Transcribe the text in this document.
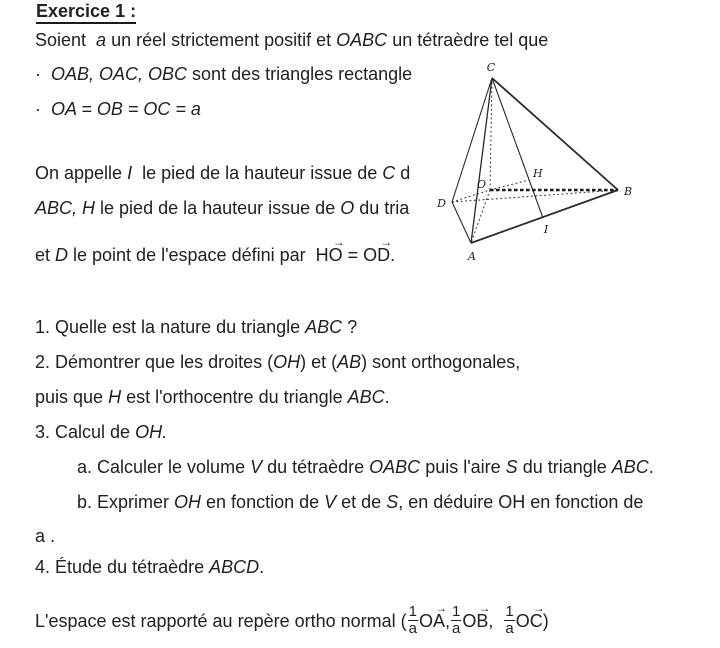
Exercice 1 :
Soient  a un réel strictement positif et OABC un tétraèdre tel que
· OAB, OAC, OBC sont des triangles rectangle
· OA = OB = OC = a
On appelle I  le pied de la hauteur issue de C d
ABC, H le pied de la hauteur issue de O du tria
et D le point de l'espace défini par  HO
→
= OD
→
.
1. Quelle est la nature du triangle ABC ?
2. Démontrer que les droites (OH) et (AB) sont orthogonales,
puis que H est l'orthocentre du triangle ABC.
3. Calcul de OH.
a. Calculer le volume V du tétraèdre OABC puis l'aire S du triangle ABC.
b. Exprimer OH en fonction de V et de S, en déduire OH en fonction de
a .
4. Étude du tétraèdre ABCD.
L'espace est rapporté au repère ortho normal ( $\frac{1}{a}$ OA
→
, $\frac{1}{a}$ OB
→
, $\frac{1}{a}$ OC
→
)
C
A
B
D
O
H
I
